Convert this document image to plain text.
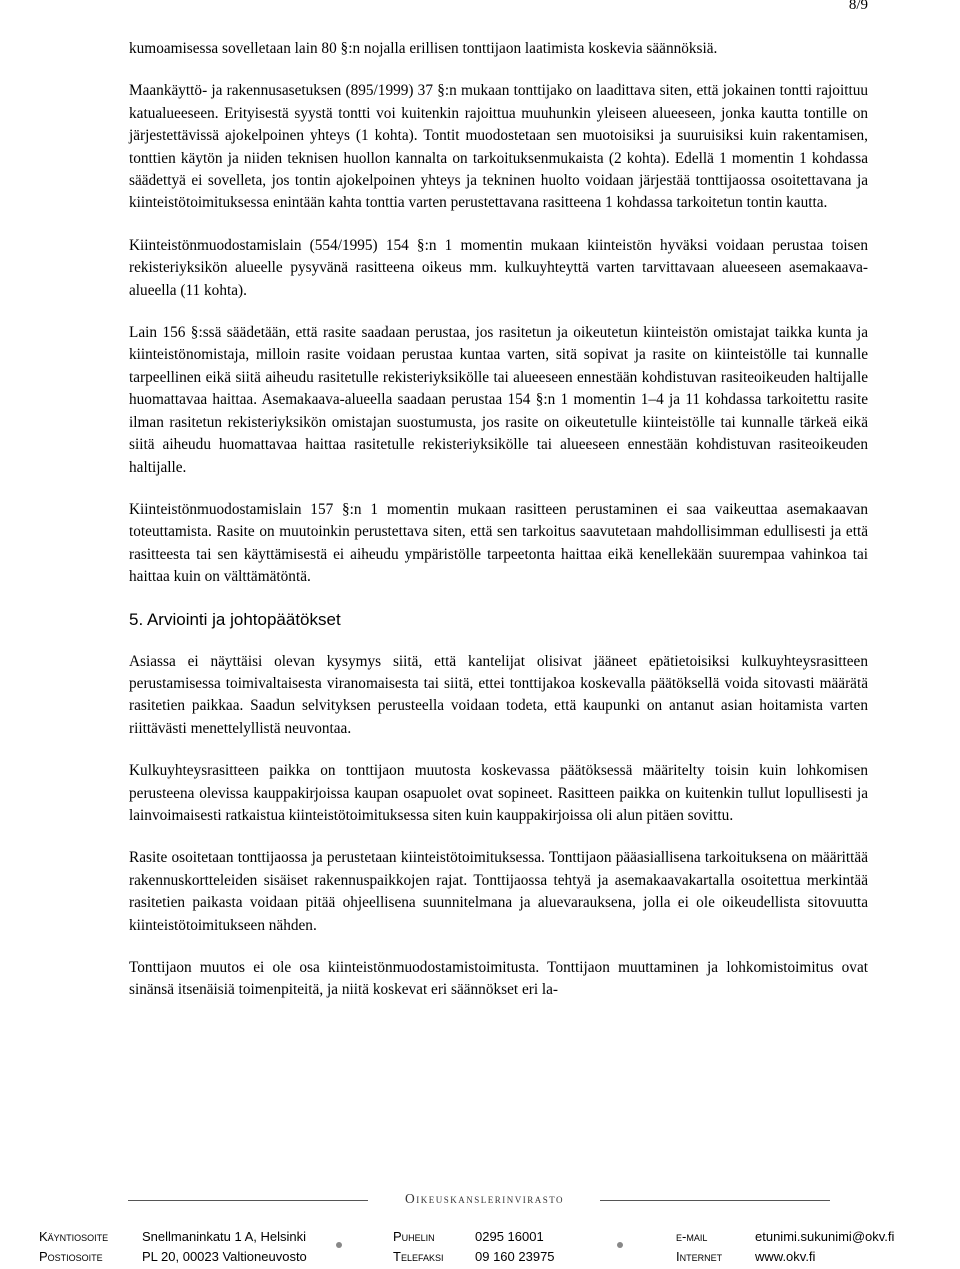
8/9

kumoamisessa sovelletaan lain 80 §:n nojalla erillisen tonttijaon laatimista koskevia säännöksiä.

Maankäyttö- ja rakennusasetuksen (895/1999) 37 §:n mukaan tonttijako on laadittava siten, että jokainen tontti rajoittuu katualueeseen. Erityisestä syystä tontti voi kuitenkin rajoittua muuhunkin yleiseen alueeseen, jonka kautta tontille on järjestettävissä ajokelpoinen yhteys (1 kohta). Tontit muodostetaan sen muotoisiksi ja suuruisiksi kuin rakentamisen, tonttien käytön ja niiden teknisen huollon kannalta on tarkoituksenmukaista (2 kohta). Edellä 1 momentin 1 kohdassa säädettyä ei sovelleta, jos tontin ajokelpoinen yhteys ja tekninen huolto voidaan järjestää tonttijaossa osoitettavana ja kiinteistötoimituksessa enintään kahta tonttia varten perustettavana rasitteena 1 kohdassa tarkoitetun tontin kautta.

Kiinteistönmuodostamislain (554/1995) 154 §:n 1 momentin mukaan kiinteistön hyväksi voidaan perustaa toisen rekisteriyksikön alueelle pysyvänä rasitteena oikeus mm. kulkuyhteyttä varten tarvittavaan alueeseen asemakaava-alueella (11 kohta).

Lain 156 §:ssä säädetään, että rasite saadaan perustaa, jos rasitetun ja oikeutetun kiinteistön omistajat taikka kunta ja kiinteistönomistaja, milloin rasite voidaan perustaa kuntaa varten, sitä sopivat ja rasite on kiinteistölle tai kunnalle tarpeellinen eikä siitä aiheudu rasitetulle rekisteriyksikölle tai alueeseen ennestään kohdistuvan rasiteoikeuden haltijalle huomattavaa haittaa. Asemakaava-alueella saadaan perustaa 154 §:n 1 momentin 1–4 ja 11 kohdassa tarkoitettu rasite ilman rasitetun rekisteriyksikön omistajan suostumusta, jos rasite on oikeutetulle kiinteistölle tai kunnalle tärkeä eikä siitä aiheudu huomattavaa haittaa rasitetulle rekisteriyksikölle tai alueeseen ennestään kohdistuvan rasiteoikeuden haltijalle.

Kiinteistönmuodostamislain 157 §:n 1 momentin mukaan rasitteen perustaminen ei saa vaikeuttaa asemakaavan toteuttamista. Rasite on muutoinkin perustettava siten, että sen tarkoitus saavutetaan mahdollisimman edullisesti ja että rasitteesta tai sen käyttämisestä ei aiheudu ympäristölle tarpeetonta haittaa eikä kenellekään suurempaa vahinkoa tai haittaa kuin on välttämätöntä.

5. Arviointi ja johtopäätökset

Asiassa ei näyttäisi olevan kysymys siitä, että kantelijat olisivat jääneet epätietoisiksi kulkuyhteysrasitteen perustamisessa toimivaltaisesta viranomaisesta tai siitä, ettei tonttijakoa koskevalla päätöksellä voida sitovasti määrätä rasitetien paikkaa. Saadun selvityksen perusteella voidaan todeta, että kaupunki on antanut asian hoitamista varten riittävästi menettelyllistä neuvontaa.

Kulkuyhteysrasitteen paikka on tonttijaon muutosta koskevassa päätöksessä määritelty toisin kuin lohkomisen perusteena olevissa kauppakirjoissa kaupan osapuolet ovat sopineet. Rasitteen paikka on kuitenkin tullut lopullisesti ja lainvoimaisesti ratkaistua kiinteistötoimituksessa siten kuin kauppakirjoissa oli alun pitäen sovittu.

Rasite osoitetaan tonttijaossa ja perustetaan kiinteistötoimituksessa. Tonttijaon pääasiallisena tarkoituksena on määrittää rakennuskortteleiden sisäiset rakennuspaikkojen rajat. Tonttijaossa tehtyä ja asemakaavakartalla osoitettua merkintää rasitetien paikasta voidaan pitää ohjeellisena suunnitelmana ja aluevarauksena, jolla ei ole oikeudellista sitovuutta kiinteistötoimitukseen nähden.

Tonttijaon muutos ei ole osa kiinteistönmuodostamistoimitusta. Tonttijaon muuttaminen ja lohkomistoimitus ovat sinänsä itsenäisiä toimenpiteitä, ja niitä koskevat eri säännökset eri la-

Oikeuskanslerinvirasto
Käyntiosoite	Snellmaninkatu 1 A, Helsinki	Puhelin	0295 16001	e-mail	etunimi.sukunimi@okv.fi
Postiosoite	PL 20, 00023 Valtioneuvosto	Telefaksi 09 160 23975	Internet	www.okv.fi
